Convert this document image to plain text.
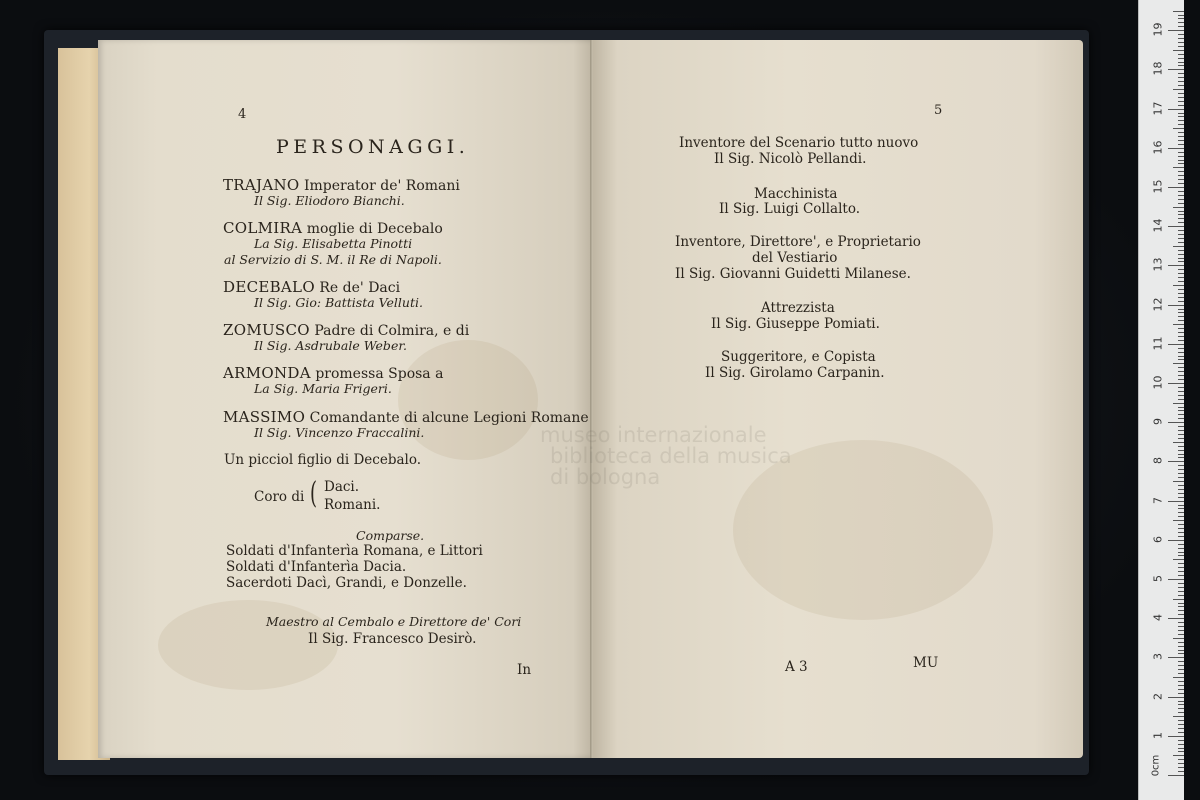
4
PERSONAGGI.
TRAJANO Imperator de' Romani
Il Sig. Eliodoro Bianchi.
COLMIRA moglie di Decebalo
La Sig. Elisabetta Pinotti
al Servizio di S. M. il Re di Napoli.
DECEBALO Re de' Daci
Il Sig. Gio: Battista Velluti.
ZOMUSCO Padre di Colmira, e di
Il Sig. Asdrubale Weber.
ARMONDA promessa Sposa a
La Sig. Maria Frigeri.
MASSIMO Comandante di alcune Legioni Romane
Il Sig. Vincenzo Fraccalini.
Un picciol figlio di Decebalo.
Coro di ( Daci.
Romani.
Comparse.
Soldati d'Infanterìa Romana, e Littori
Soldati d'Infanterìa Dacia.
Sacerdoti Dacì, Grandi, e Donzelle.
Maestro al Cembalo e Direttore de' Cori
Il Sig. Francesco Desirò.
In
5
Inventore del Scenario tutto nuovo
Il Sig. Nicolò Pellandi.
Macchinista
Il Sig. Luigi Collalto.
Inventore, Direttore', e Proprietario
del Vestiario
Il Sig. Giovanni Guidetti Milanese.
Attrezzista
Il Sig. Giuseppe Pomiati.
Suggeritore, e Copista
Il Sig. Girolamo Carpanin.
A 3	MU
museo internazionale
biblioteca della musica
di bologna
0cm
1
2
3
4
5
6
7
8
9
10
11
12
13
14
15
16
17
18
19
